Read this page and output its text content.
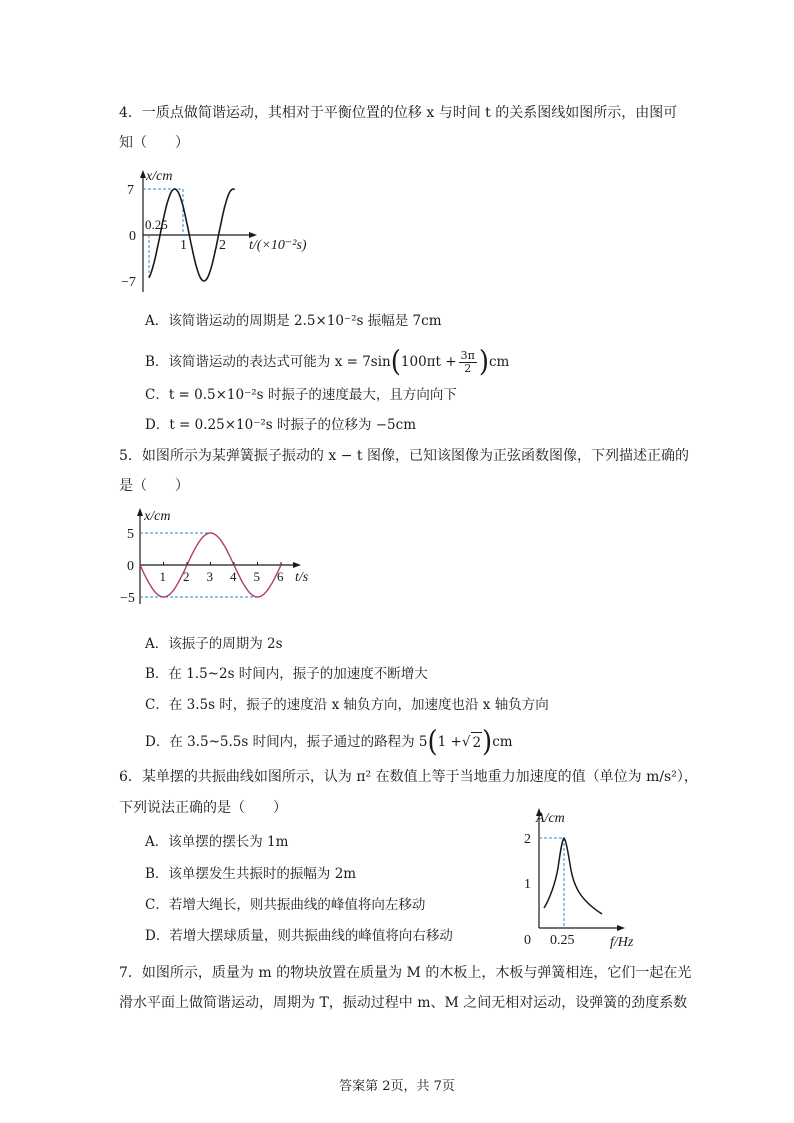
4．一质点做简谐运动，其相对于平衡位置的位移 x 与时间 t 的关系图线如图所示，由图可
知（　　）
x/cm
7
0
−7
0.25
1 2 t/(×10⁻²s)
A．该简谐运动的周期是 2.5×10⁻²s 振幅是 7cm
B．该简谐运动的表达式可能为 x = 7sin ( $100\pi t + \frac{3\pi}{2}$ ) cm
C．t = 0.5×10⁻²s 时振子的速度最大，且方向向下
D．t = 0.25×10⁻²s 时振子的位移为 −5cm
5．如图所示为某弹簧振子振动的 x − t 图像，已知该图像为正弦函数图像，下列描述正确的
是（　　）
x/cm
5
0
−5
1 2 3 4 5 6 t/s
A．该振子的周期为 2s
B．在 1.5~2s 时间内，振子的加速度不断增大
C．在 3.5s 时，振子的速度沿 x 轴负方向，加速度也沿 x 轴负方向
D．在 3.5~5.5s 时间内，振子通过的路程为 5 ( 1 + √ 2 ) cm
6．某单摆的共振曲线如图所示，认为 π² 在数值上等于当地重力加速度的值（单位为 m/s²），
下列说法正确的是（　　）
A．该单摆的摆长为 1m
B．该单摆发生共振时的振幅为 2m
C．若增大绳长，则共振曲线的峰值将向左移动
D．若增大摆球质量，则共振曲线的峰值将向右移动
A/cm
2
1
0 0.25	f/Hz
7．如图所示，质量为 m 的物块放置在质量为 M 的木板上，木板与弹簧相连，它们一起在光
滑水平面上做简谐运动，周期为 T，振动过程中 m、M 之间无相对运动，设弹簧的劲度系数
答案第 2页，共 7页
